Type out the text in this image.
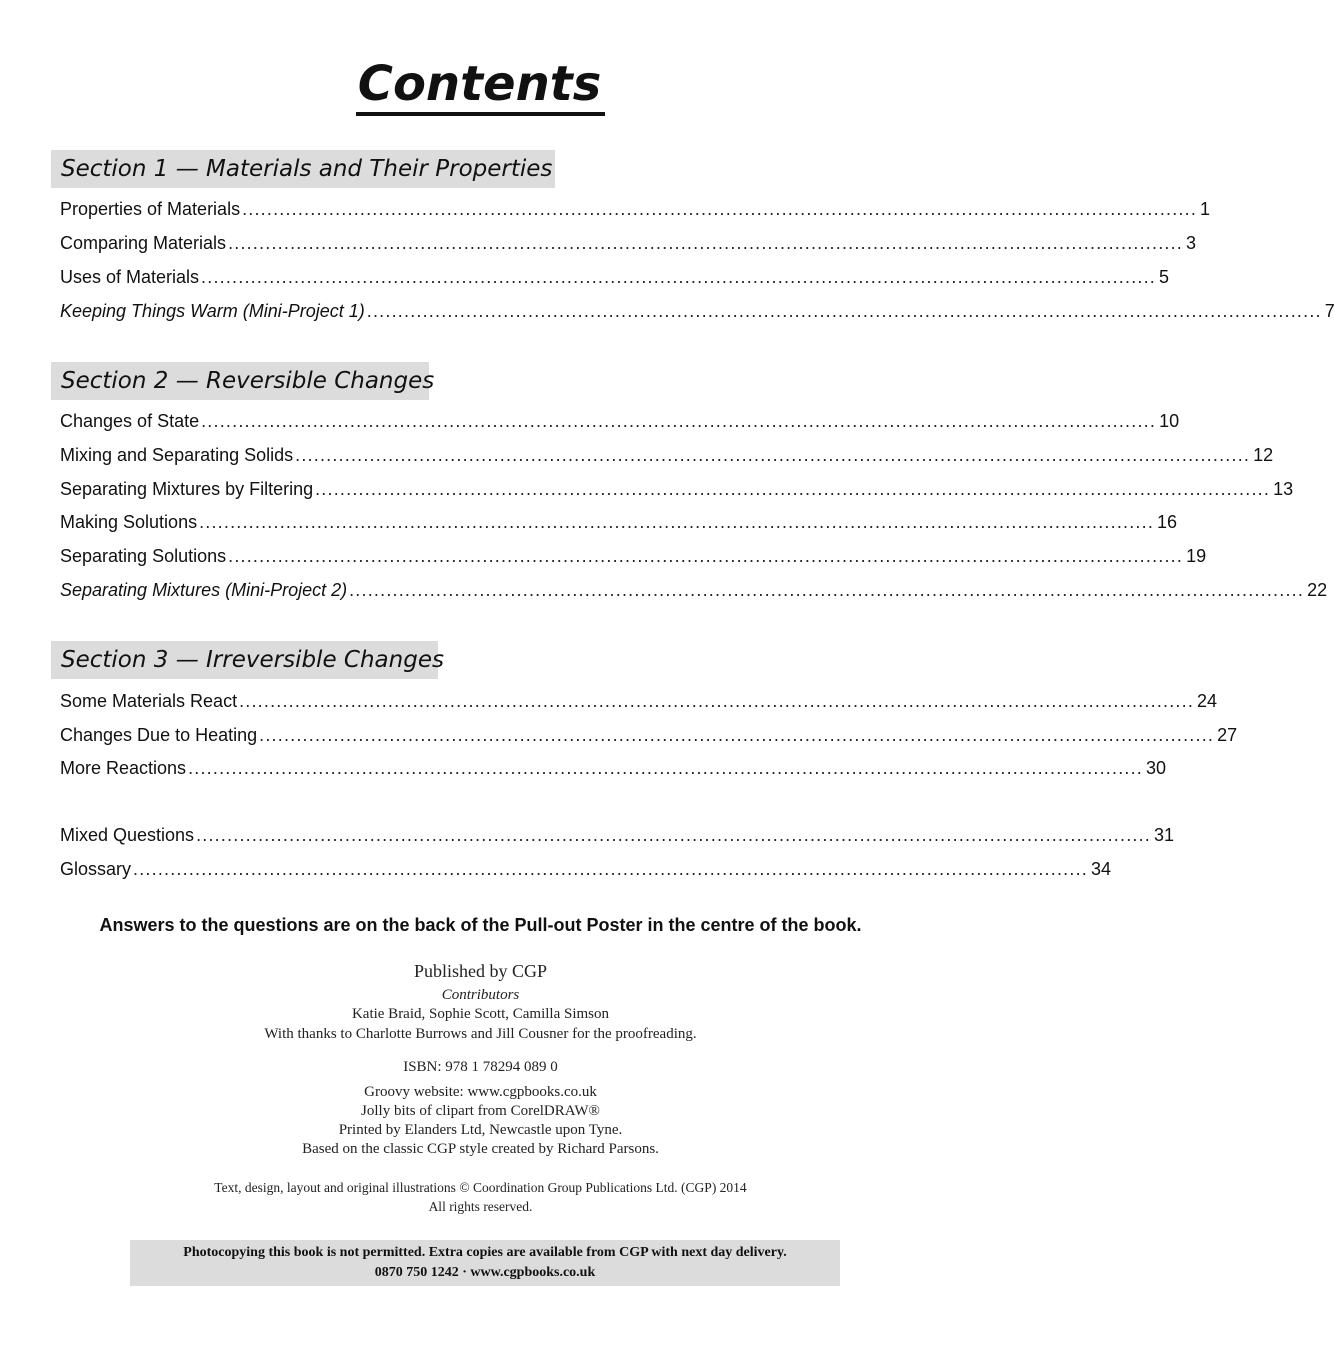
Contents
Section 1 — Materials and Their Properties
Properties of Materials .......................................................................................................................................................... 1
Comparing Materials .......................................................................................................................................................... 3
Uses of Materials .......................................................................................................................................................... 5
Keeping Things Warm (Mini-Project 1) .......................................................................................................................................................... 7
Section 2 — Reversible Changes
Changes of State .......................................................................................................................................................... 10
Mixing and Separating Solids .......................................................................................................................................................... 12
Separating Mixtures by Filtering .......................................................................................................................................................... 13
Making Solutions .......................................................................................................................................................... 16
Separating Solutions .......................................................................................................................................................... 19
Separating Mixtures (Mini-Project 2) .......................................................................................................................................................... 22
Section 3 — Irreversible Changes
Some Materials React .......................................................................................................................................................... 24
Changes Due to Heating .......................................................................................................................................................... 27
More Reactions .......................................................................................................................................................... 30
Mixed Questions .......................................................................................................................................................... 31
Glossary .......................................................................................................................................................... 34
Answers to the questions are on the back of the Pull-out Poster in the centre of the book.
Published by CGP
Contributors
Katie Braid, Sophie Scott, Camilla Simson
With thanks to Charlotte Burrows and Jill Cousner for the proofreading.
ISBN: 978 1 78294 089 0
Groovy website: www.cgpbooks.co.uk
Jolly bits of clipart from CorelDRAW®
Printed by Elanders Ltd, Newcastle upon Tyne.
Based on the classic CGP style created by Richard Parsons.
Text, design, layout and original illustrations © Coordination Group Publications Ltd. (CGP) 2014
All rights reserved.
Photocopying this book is not permitted. Extra copies are available from CGP with next day delivery.
0870 750 1242 · www.cgpbooks.co.uk
